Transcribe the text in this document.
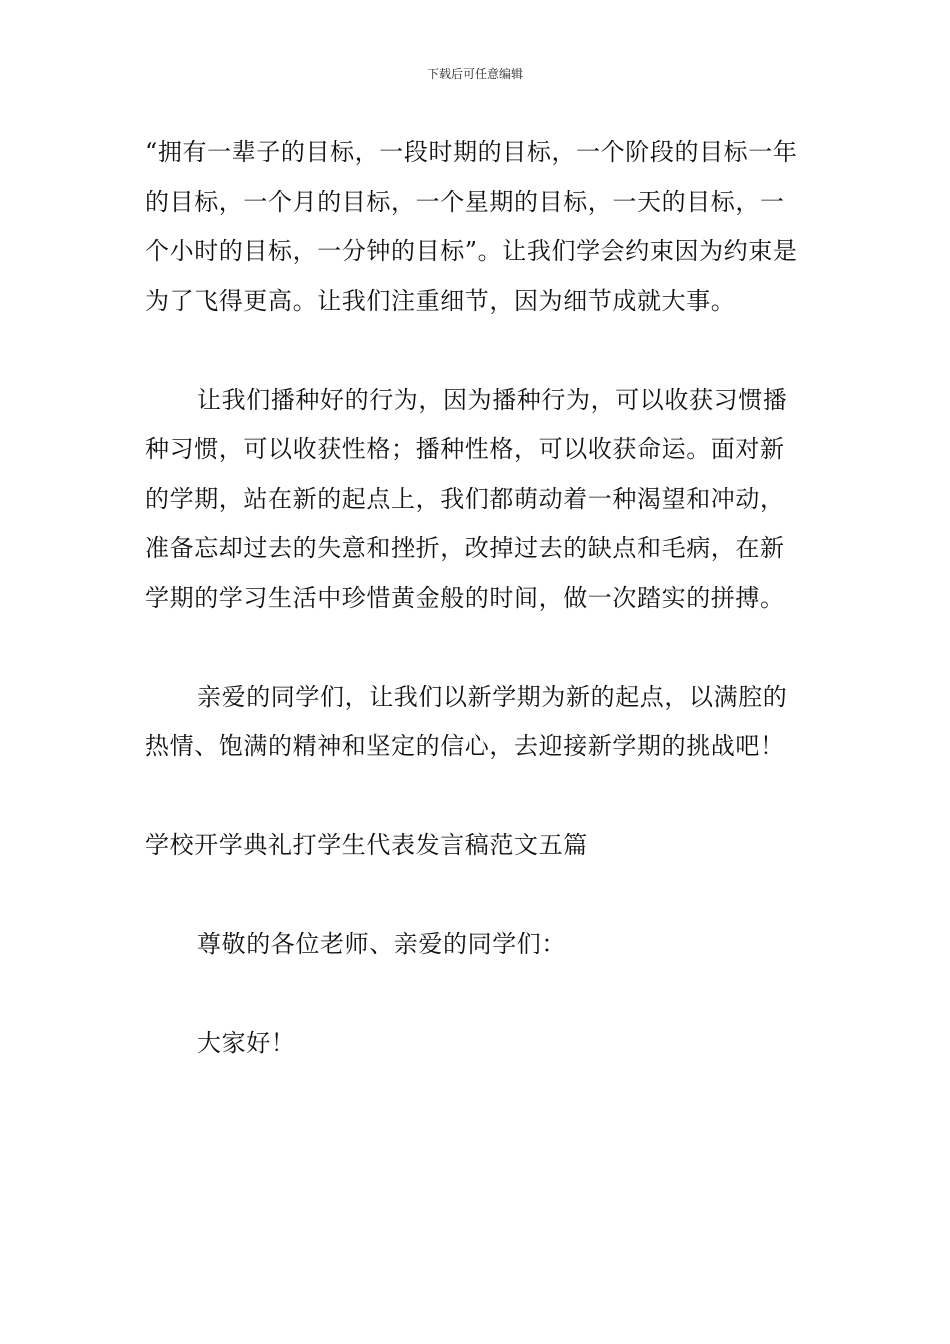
下载后可任意编辑

“拥有一辈子的目标，一段时期的目标，一个阶段的目标一年的目标，一个月的目标，一个星期的目标，一天的目标，一个小时的目标，一分钟的目标”。让我们学会约束因为约束是为了飞得更高。让我们注重细节，因为细节成就大事。

让我们播种好的行为，因为播种行为，可以收获习惯播种习惯，可以收获性格；播种性格，可以收获命运。面对新的学期，站在新的起点上，我们都萌动着一种渴望和冲动，准备忘却过去的失意和挫折，改掉过去的缺点和毛病，在新学期的学习生活中珍惜黄金般的时间，做一次踏实的拼搏。

亲爱的同学们，让我们以新学期为新的起点，以满腔的热情、饱满的精神和坚定的信心，去迎接新学期的挑战吧！

学校开学典礼打学生代表发言稿范文五篇

尊敬的各位老师、亲爱的同学们：

大家好！
